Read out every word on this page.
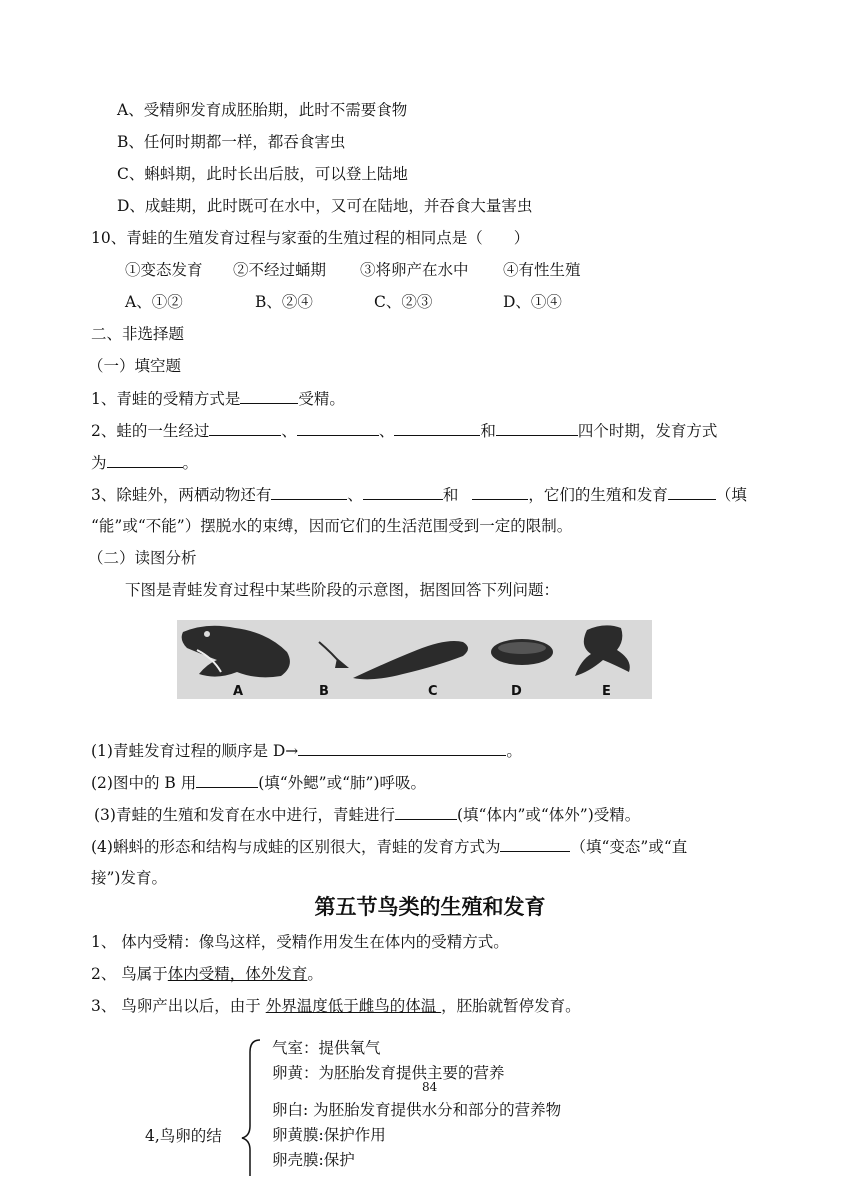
A、受精卵发育成胚胎期，此时不需要食物
B、任何时期都一样，都吞食害虫
C、蝌蚪期，此时长出后肢，可以登上陆地
D、成蛙期，此时既可在水中，又可在陆地，并吞食大量害虫
10、青蛙的生殖发育过程与家蚕的生殖过程的相同点是（　　）
①变态发育 ②不经过蛹期 ③将卵产在水中 ④有性生殖
A、①②	B、②④	C、②③	D、①④
二、非选择题
（一）填空题
1、青蛙的受精方式是	受精。
2、蛙的一生经过	、	、	和	四个时期，发育方式
为	。
3、除蛙外，两栖动物还有	、	和	，它们的生殖和发育	（填
“能”或“不能”）摆脱水的束缚，因而它们的生活范围受到一定的限制。
（二）读图分析
下图是青蛙发育过程中某些阶段的示意图，据图回答下列问题：
A	B	C	D	E
(1)青蛙发育过程的顺序是 D→	。
(2)图中的 B 用	(填“外鳃”或“肺”)呼吸。
(3)青蛙的生殖和发育在水中进行，青蛙进行	(填“体内”或“体外”)受精。
(4)蝌蚪的形态和结构与成蛙的区别很大，青蛙的发育方式为	（填“变态”或“直
接”)发育。
第五节鸟类的生殖和发育
1、 体内受精：像鸟这样，受精作用发生在体内的受精方式。
2、 鸟属于体内受精，体外发育。
3、 鸟卵产出以后，由于 外界温度低于雌鸟的体温 ，胚胎就暂停发育。
4,鸟卵的结
气室：提供氧气
卵黄：为胚胎发育提供主要的营养
84
卵白: 为胚胎发育提供水分和部分的营养物
卵黄膜:保护作用
卵壳膜:保护
